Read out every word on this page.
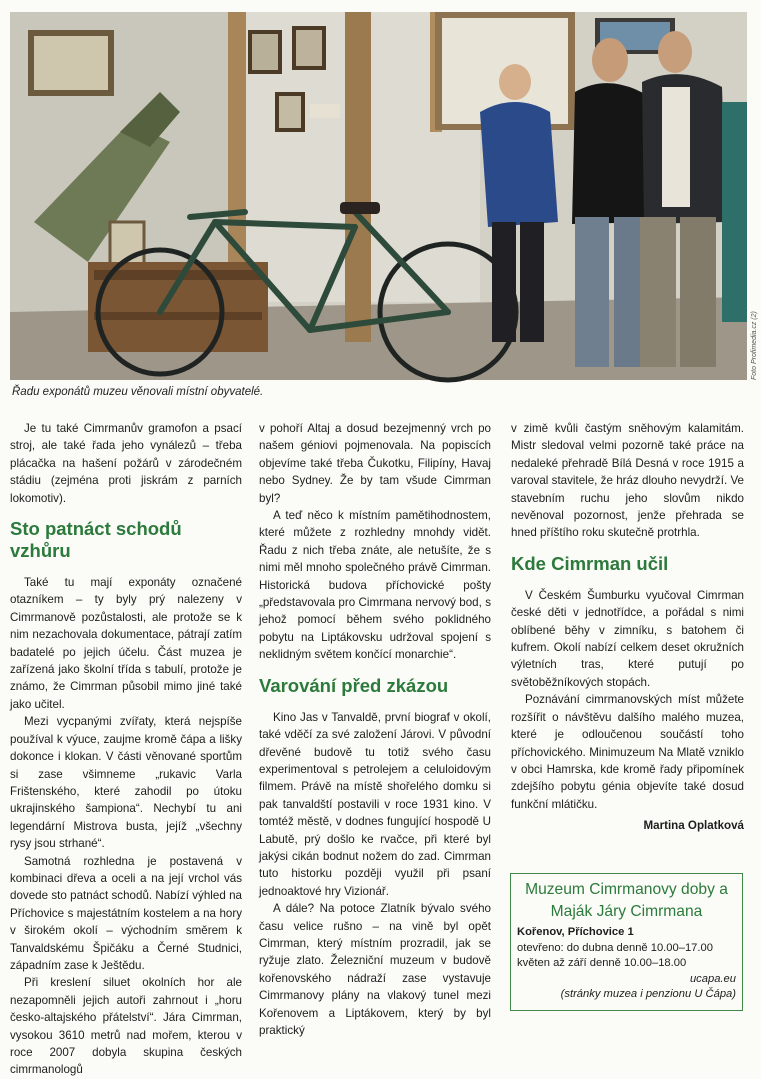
Foto Profimedia.cz (2)
Řadu exponátů muzeu věnovali místní obyvatelé.

Je tu také Cimrmanův gramofon a psací stroj, ale také řada jeho vynálezů – třeba plácačka na hašení požárů v zárodečném stádiu (zejména proti jiskrám z parních lokomotiv).

Sto patnáct schodů vzhůru

Také tu mají exponáty označené otazníkem – ty byly prý nalezeny v Cimrmanově pozůstalosti, ale protože se k nim nezachovala dokumentace, pátrají zatím badatelé po jejich účelu. Část muzea je zařízená jako školní třída s tabulí, protože je známo, že Cimrman působil mimo jiné také jako učitel.

Mezi vycpanými zvířaty, která nejspíše používal k výuce, zaujme kromě čápa a lišky dokonce i klokan. V části věnované sportům si zase všimneme „rukavic Varla Frištenského, které zahodil po útoku ukrajinského šampiona“. Nechybí tu ani legendární Mistrova busta, jejíž „všechny rysy jsou strhané“.

Samotná rozhledna je postavená v kombinaci dřeva a oceli a na její vrchol vás dovede sto patnáct schodů. Nabízí výhled na Příchovice s majestátním kostelem a na hory v širokém okolí – východním směrem k Tanvaldskému Špičáku a Černé Studnici, západním zase k Ještědu.

Při kreslení siluet okolních hor ale nezapomněli jejich autoři zahrnout i „horu česko-altajského přátelství“. Jára Cimrman, vysokou 3610 metrů nad mořem, kterou v roce 2007 dobyla skupina českých cimrmanologů

v pohoří Altaj a dosud bezejmenný vrch po našem géniovi pojmenovala. Na popiscích objevíme také třeba Čukotku, Filipíny, Havaj nebo Sydney. Že by tam všude Cimrman byl?

A teď něco k místním pamětihodnostem, které můžete z rozhledny mnohdy vidět. Řadu z nich třeba znáte, ale netušíte, že s nimi měl mnoho společného právě Cimrman. Historická budova příchovické pošty „představovala pro Cimrmana nervový bod, s jehož pomocí během svého poklidného pobytu na Liptákovsku udržoval spojení s neklidným světem končící monarchie“.

Varování před zkázou

Kino Jas v Tanvaldě, první biograf v okolí, také vděčí za své založení Járovi. V původní dřevěné budově tu totiž svého času experimentoval s petrolejem a celuloidovým filmem. Právě na místě shořelého domku si pak tanvaldští postavili v roce 1931 kino. V tomtéž městě, v dodnes fungující hospodě U Labutě, prý došlo ke rvačce, při které byl jakýsi cikán bodnut nožem do zad. Cimrman tuto historku později využil při psaní jednoaktové hry Vizionář.

A dále? Na potoce Zlatník bývalo svého času velice rušno – na vině byl opět Cimrman, který místním prozradil, jak se ryžuje zlato. Železniční muzeum v budově kořenovského nádraží zase vystavuje Cimrmanovy plány na vlakový tunel mezi Kořenovem a Liptákovem, který by byl praktický

v zimě kvůli častým sněhovým kalamitám. Mistr sledoval velmi pozorně také práce na nedaleké přehradě Bílá Desná v roce 1915 a varoval stavitele, že hráz dlouho nevydrží. Ve stavebním ruchu jeho slovům nikdo nevěnoval pozornost, jenže přehrada se hned příštího roku skutečně protrhla.

Kde Cimrman učil

V Českém Šumburku vyučoval Cimrman české děti v jednotřídce, a pořádal s nimi oblíbené běhy v zimníku, s batohem či kufrem. Okolí nabízí celkem deset okružních výletních tras, které putují po světoběžníkových stopách.

Poznávání cimrmanovských míst můžete rozšířit o návštěvu dalšího malého muzea, které je odloučenou součástí toho příchovického. Minimuzeum Na Mlatě vzniklo v obci Hamrska, kde kromě řady připomínek zdejšího pobytu génia objevíte také dosud funkční mlátičku.

Martina Oplatková
Muzeum Cimrmanovy doby a Maják Járy Cimrmana
Kořenov, Příchovice 1
otevřeno: do dubna denně 10.00–17.00
květen až září denně 10.00–18.00
ucapa.eu
(stránky muzea i penzionu U Čápa)
